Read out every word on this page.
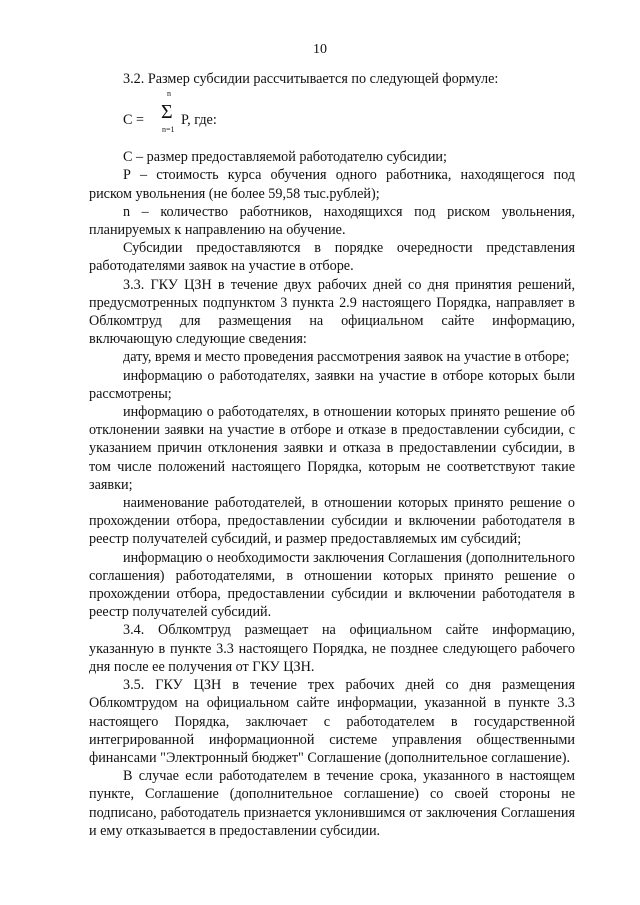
10

3.2. Размер субсидии рассчитывается по следующей формуле:

С =
n
Σ
n=1
Р, где:

С – размер предоставляемой работодателю субсидии;

Р – стоимость курса обучения одного работника, находящегося под риском увольнения (не более 59,58 тыс.рублей);

n – количество работников, находящихся под риском увольнения, планируемых к направлению на обучение.

Субсидии предоставляются в порядке очередности представления работодателями заявок на участие в отборе.

3.3. ГКУ ЦЗН в течение двух рабочих дней со дня принятия решений, предусмотренных подпунктом 3 пункта 2.9 настоящего Порядка, направляет в Облкомтруд для размещения на официальном сайте информацию, включающую следующие сведения:

дату, время и место проведения рассмотрения заявок на участие в отборе;

информацию о работодателях, заявки на участие в отборе которых были рассмотрены;

информацию о работодателях, в отношении которых принято решение об отклонении заявки на участие в отборе и отказе в предоставлении субсидии, с указанием причин отклонения заявки и отказа в предоставлении субсидии, в том числе положений настоящего Порядка, которым не соответствуют такие заявки;

наименование работодателей, в отношении которых принято решение о прохождении отбора, предоставлении субсидии и включении работодателя в реестр получателей субсидий, и размер предоставляемых им субсидий;

информацию о необходимости заключения Соглашения (дополнительного соглашения) работодателями, в отношении которых принято решение о прохождении отбора, предоставлении субсидии и включении работодателя в реестр получателей субсидий.

3.4. Облкомтруд размещает на официальном сайте информацию, указанную в пункте 3.3 настоящего Порядка, не позднее следующего рабочего дня после ее получения от ГКУ ЦЗН.

3.5. ГКУ ЦЗН в течение трех рабочих дней со дня размещения Облкомтрудом на официальном сайте информации, указанной в пункте 3.3 настоящего Порядка, заключает с работодателем в государственной интегрированной информационной системе управления общественными финансами "Электронный бюджет" Соглашение (дополнительное соглашение).

В случае если работодателем в течение срока, указанного в настоящем пункте, Соглашение (дополнительное соглашение) со своей стороны не подписано, работодатель признается уклонившимся от заключения Соглашения и ему отказывается в предоставлении субсидии.
